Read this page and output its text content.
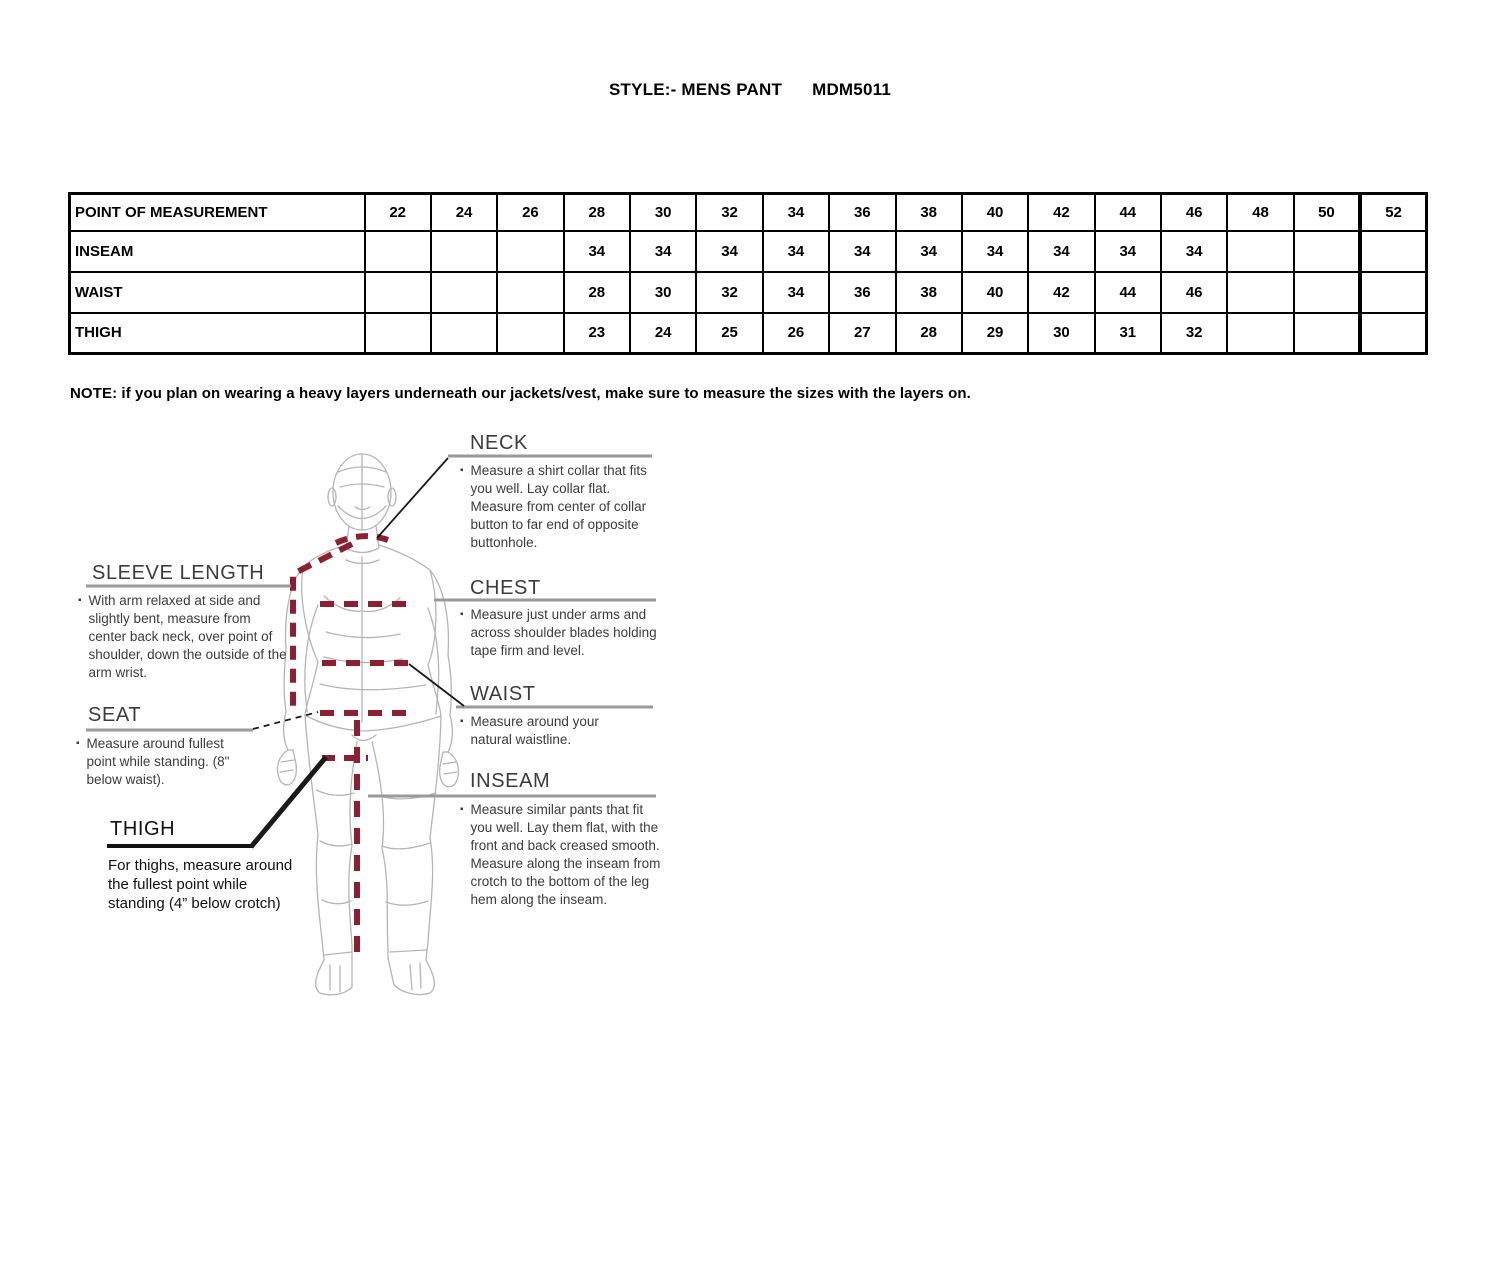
STYLE:- MENS PANT MDM5011
POINT OF MEASUREMENT	22	24	26	28	30	32	34	36	38	40	42	44	46	48	50	52
INSEAM				34	34	34	34	34	34	34	34	34	34			
WAIST				28	30	32	34	36	38	40	42	44	46			
THIGH				23	24	25	26	27	28	29	30	31	32			
NOTE: if you plan on wearing a heavy layers underneath our jackets/vest, make sure to measure the sizes with the layers on.
NECK
▪ Measure a shirt collar that fits you well. Lay collar flat. Measure from center of collar button to far end of opposite buttonhole.

SLEEVE LENGTH
▪ With arm relaxed at side and slightly bent, measure from center back neck, over point of shoulder, down the outside of the arm wrist.

CHEST
▪ Measure just under arms and across shoulder blades holding tape firm and level.

SEAT
▪ Measure around fullest point while standing. (8" below waist).

WAIST
▪ Measure around your natural waistline.

THIGH

For thighs, measure around the fullest point while standing (4” below crotch)

INSEAM
▪ Measure similar pants that fit you well. Lay them flat, with the front and back creased smooth. Measure along the inseam from crotch to the bottom of the leg hem along the inseam.
